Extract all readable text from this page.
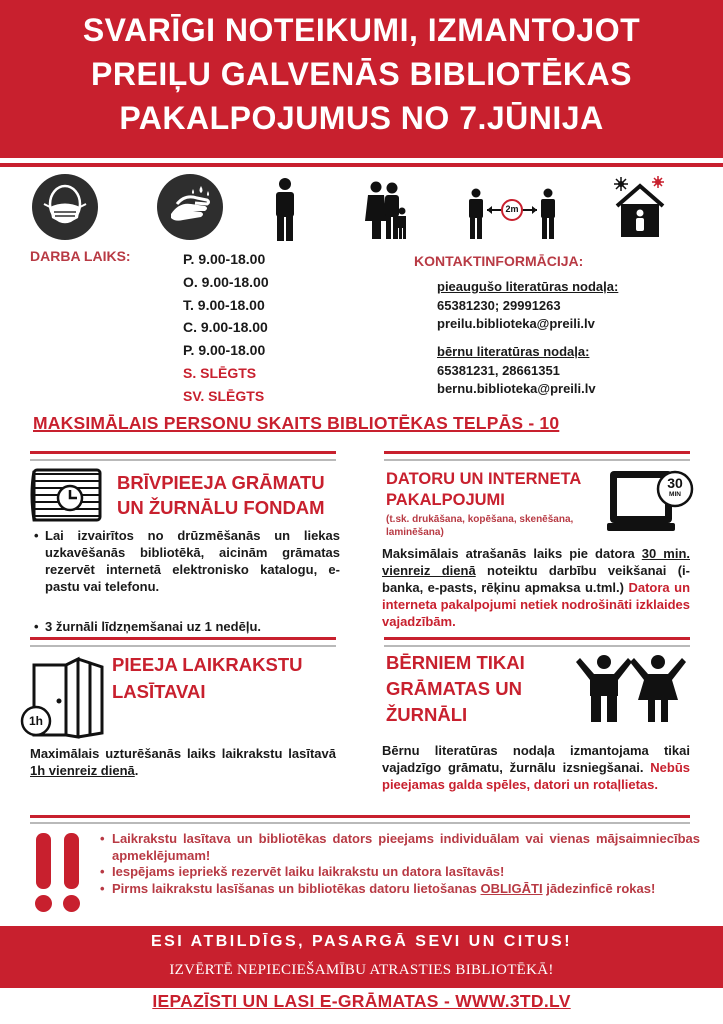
SVARĪGI NOTEIKUMI, IZMANTOJOT
PREIĻU GALVENĀS BIBLIOTĒKAS
PAKALPOJUMUS NO 7.JŪNIJA
2m
DARBA LAIKS:	P. 9.00-18.00
O. 9.00-18.00
T. 9.00-18.00
C. 9.00-18.00
P. 9.00-18.00
S. SLĒGTS
SV. SLĒGTS
KONTAKTINFORMĀCIJA:
pieaugušo literatūras nodaļa:
65381230; 29991263
preilu.biblioteka@preili.lv
bērnu literatūras nodaļa:
65381231, 28661351
bernu.biblioteka@preili.lv
MAKSIMĀLAIS PERSONU SKAITS BIBLIOTĒKAS TELPĀS - 10
BRĪVPIEEJA GRĀMATU
UN ŽURNĀLU FONDAM
• Lai izvairītos no drūzmēšanās un liekas uzkavēšanās bibliotēkā, aicinām grāmatas rezervēt internetā elektronisko katalogu, e-pastu vai telefonu.
• 3 žurnāli līdzņemšanai uz 1 nedēļu.
DATORU UN INTERNETA
PAKALPOJUMI
(t.sk. drukāšana, kopēšana, skenēšana, laminēšana)
30
MIN
Maksimālais atrašanās laiks pie datora 30 min. vienreiz dienā noteiktu darbību veikšanai (i-banka, e-pasts, rēķinu apmaksa u.tml.) Datora un interneta pakalpojumi netiek nodrošināti izklaides vajadzībām.
1h
PIEEJA LAIKRAKSTU
LASĪTAVAI
Maximālais uzturēšanās laiks laikrakstu lasītavā 1h vienreiz dienā.
BĒRNIEM TIKAI
GRĀMATAS UN
ŽURNĀLI
Bērnu literatūras nodaļa izmantojama tikai vajadzīgo grāmatu, žurnālu izsniegšanai. Nebūs pieejamas galda spēles, datori un rotaļlietas.
• Laikrakstu lasītava un bibliotēkas dators pieejams individuālam vai vienas mājsaimniecības apmeklējumam!
• Iespējams iepriekš rezervēt laiku laikrakstu un datora lasītavās!
• Pirms laikrakstu lasīšanas un bibliotēkas datoru lietošanas OBLIGĀTI jādezinficē rokas!
ESI ATBILDĪGS, PASARGĀ SEVI UN CITUS!
IZVĒRTĒ NEPIECIEŠAMĪBU ATRASTIES BIBLIOTĒKĀ!
IEPAZĪSTI UN LASI E-GRĀMATAS - WWW.3TD.LV
